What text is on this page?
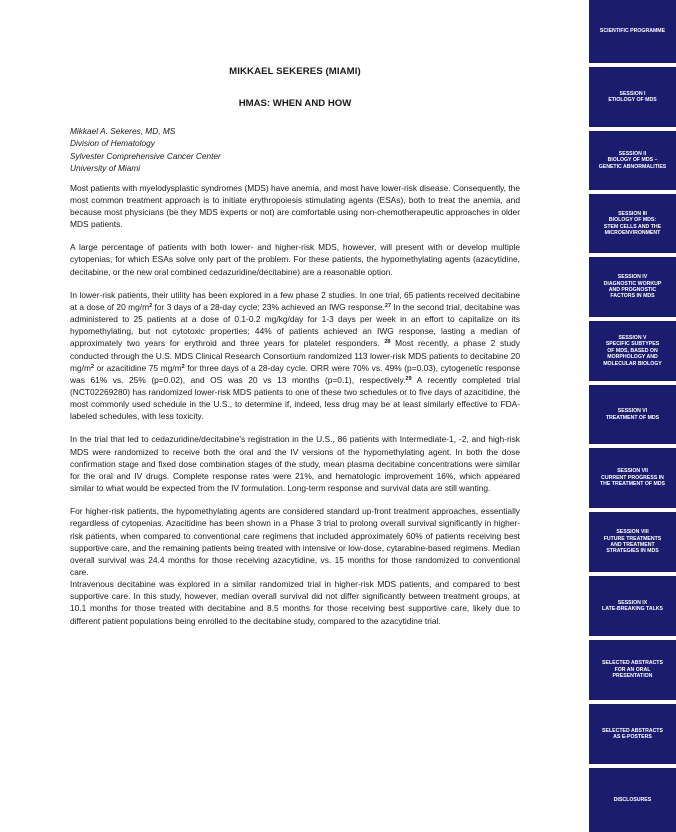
MIKKAEL SEKERES (MIAMI)
HMAS: WHEN AND HOW
Mikkael A. Sekeres, MD, MS
Division of Hematology
Sylvester Comprehensive Cancer Center
University of Miami

Most patients with myelodysplastic syndromes (MDS) have anemia, and most have lower-risk disease. Consequently, the most common treatment approach is to initiate erythropoiesis stimulating agents (ESAs), both to treat the anemia, and because most physicians (be they MDS experts or not) are comfortable using non-chemotherapeutic approaches in older MDS patients.

A large percentage of patients with both lower- and higher-risk MDS, however, will present with or develop multiple cytopenias, for which ESAs solve only part of the problem. For these patients, the hypomethylating agents (azacytidine, decitabine, or the new oral combined cedazuridine/decitabine) are a reasonable option.

In lower-risk patients, their utility has been explored in a few phase 2 studies. In one trial, 65 patients received decitabine at a dose of 20 $mg/m^2$ for 3 days of a 28-day cycle; 23% achieved an IWG response.$^{27}$ In the second trial, decitabine was administered to 25 patients at a dose of 0.1-0.2 mg/kg/day for 1-3 days per week in an effort to capitalize on its hypomethylating, but not cytotoxic properties; 44% of patients achieved an IWG response, lasting a median of approximately two years for erythroid and three years for platelet responders. $^{28}$ Most recently, a phase 2 study conducted through the U.S. MDS Clinical Research Consortium randomized 113 lower-risk MDS patients to decitabine 20 $mg/m^2$ or azacitidine 75 $mg/m^2$ for three days of a 28-day cycle. ORR were 70% vs. 49% (p=0.03), cytogenetic response was 61% vs. 25% (p=0.02), and OS was 20 vs 13 months (p=0.1), respectively.$^{29}$ A recently completed trial (NCT02269280) has randomized lower-risk MDS patients to one of these two schedules or to five days of azacitidine, the most commonly used schedule in the U.S., to determine if, indeed, less drug may be at least similarly effective to FDA-labeled schedules, with less toxicity.

In the trial that led to cedazuridine/decitabine's registration in the U.S., 86 patients with Intermediate-1, -2, and high-risk MDS were randomized to receive both the oral and the IV versions of the hypomethylating agent. In both the dose confirmation stage and fixed dose combination stages of the study, mean plasma decitabine concentrations were similar for the oral and IV drugs. Complete response rates were 21%, and hematologic improvement 16%, which appeared similar to what would be expected from the IV formulation. Long-term response and survival data are still wanting.

For higher-risk patients, the hypomethylating agents are considered standard up-front treatment approaches, essentially regardless of cytopenias. Azacitidine has been shown in a Phase 3 trial to prolong overall survival significantly in higher-risk patients, when compared to conventional care regimens that included approximately 60% of patients receiving best supportive care, and the remaining patients being treated with intensive or low-dose, cytarabine-based regimens. Median overall survival was 24.4 months for those receiving azacytidine, vs. 15 months for those randomized to conventional care.

Intravenous decitabine was explored in a similar randomized trial in higher-risk MDS patients, and compared to best supportive care. In this study, however, median overall survival did not differ significantly between treatment groups, at 10.1 months for those treated with decitabine and 8.5 months for those receiving best supportive care, likely due to different patient populations being enrolled to the decitabine study, compared to the azacytidine trial.

SCIENTIFIC PROGRAMME
SESSION I
ETIOLOGY OF MDS
SESSION II
BIOLOGY OF MDS –
GENETIC ABNORMALITIES
SESSION III
BIOLOGY OF MDS:
STEM CELLS AND THE
MICROENVIRONMENT
SESSION IV
DIAGNOSTIC WORKUP
AND PROGNOSTIC
FACTORS IN MDS
SESSION V
SPECIFIC SUBTYPES
OF MDS, BASED ON
MORPHOLOGY AND
MOLECULAR BIOLOGY
SESSION VI
TREATMENT OF MDS
SESSION VII
CURRENT PROGRESS IN
THE TREATMENT OF MDS
SESSION VIII
FUTURE TREATMENTS
AND TREATMENT
STRATEGIES IN MDS
SESSION IX
LATE-BREAKING TALKS
SELECTED ABSTRACTS
FOR AN ORAL
PRESENTATION
SELECTED ABSTRACTS
AS E-POSTERS
DISCLOSURES
